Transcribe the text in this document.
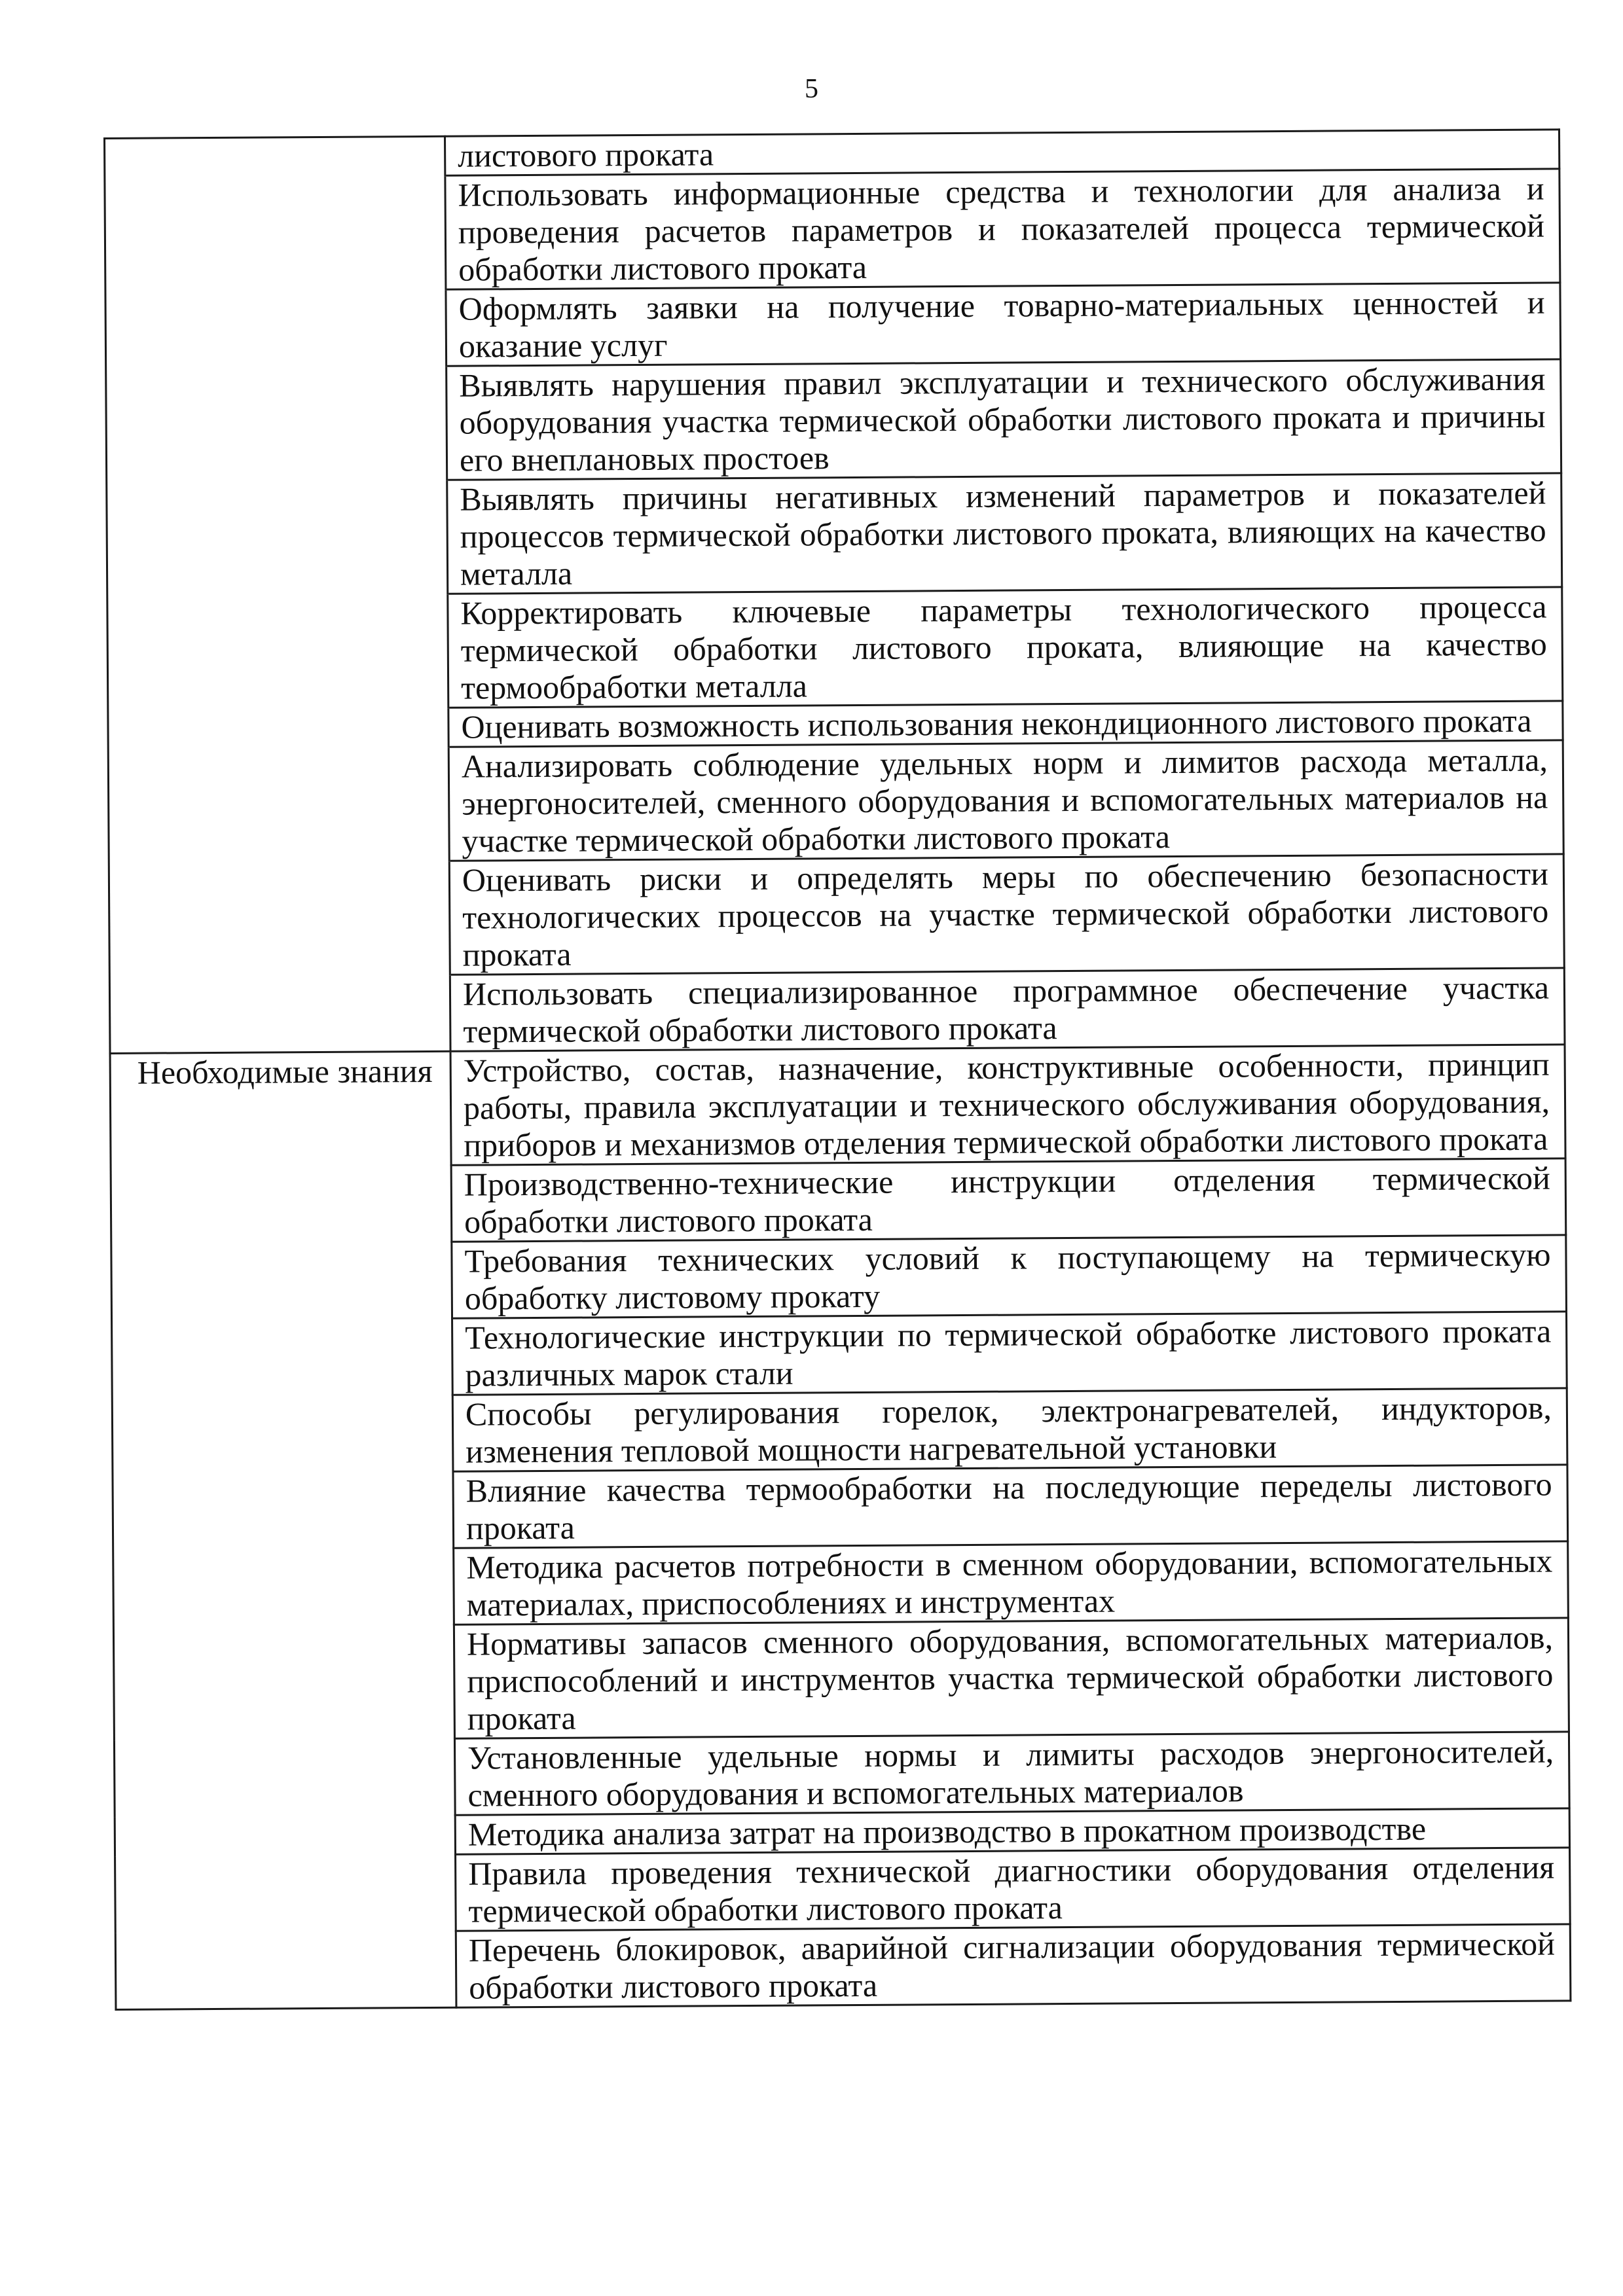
5
	листового проката
	Использовать информационные средства и технологии для анализа и проведения расчетов параметров и показателей процесса термической обработки листового проката
	Оформлять заявки на получение товарно-материальных ценностей и оказание услуг
	Выявлять нарушения правил эксплуатации и технического обслуживания оборудования участка термической обработки листового проката и причины его внеплановых простоев
	Выявлять причины негативных изменений параметров и показателей процессов термической обработки листового проката, влияющих на качество металла
	Корректировать ключевые параметры технологического процесса термической обработки листового проката, влияющие на качество термообработки металла
	Оценивать возможность использования некондиционного листового проката
	Анализировать соблюдение удельных норм и лимитов расхода металла, энергоносителей, сменного оборудования и вспомогательных материалов на участке термической обработки листового проката
	Оценивать риски и определять меры по обеспечению безопасности технологических процессов на участке термической обработки листового проката
	Использовать специализированное программное обеспечение участка термической обработки листового проката
Необходимые знания	Устройство, состав, назначение, конструктивные особенности, принцип работы, правила эксплуатации и технического обслуживания оборудования, приборов и механизмов отделения термической обработки листового проката
	Производственно-технические инструкции отделения термической обработки листового проката
	Требования технических условий к поступающему на термическую обработку листовому прокату
	Технологические инструкции по термической обработке листового проката различных марок стали
	Способы регулирования горелок, электронагревателей, индукторов, изменения тепловой мощности нагревательной установки
	Влияние качества термообработки на последующие переделы листового проката
	Методика расчетов потребности в сменном оборудовании, вспомогательных материалах, приспособлениях и инструментах
	Нормативы запасов сменного оборудования, вспомогательных материалов, приспособлений и инструментов участка термической обработки листового проката
	Установленные удельные нормы и лимиты расходов энергоносителей, сменного оборудования и вспомогательных материалов
	Методика анализа затрат на производство в прокатном производстве
	Правила проведения технической диагностики оборудования отделения термической обработки листового проката
	Перечень блокировок, аварийной сигнализации оборудования термической обработки листового проката
